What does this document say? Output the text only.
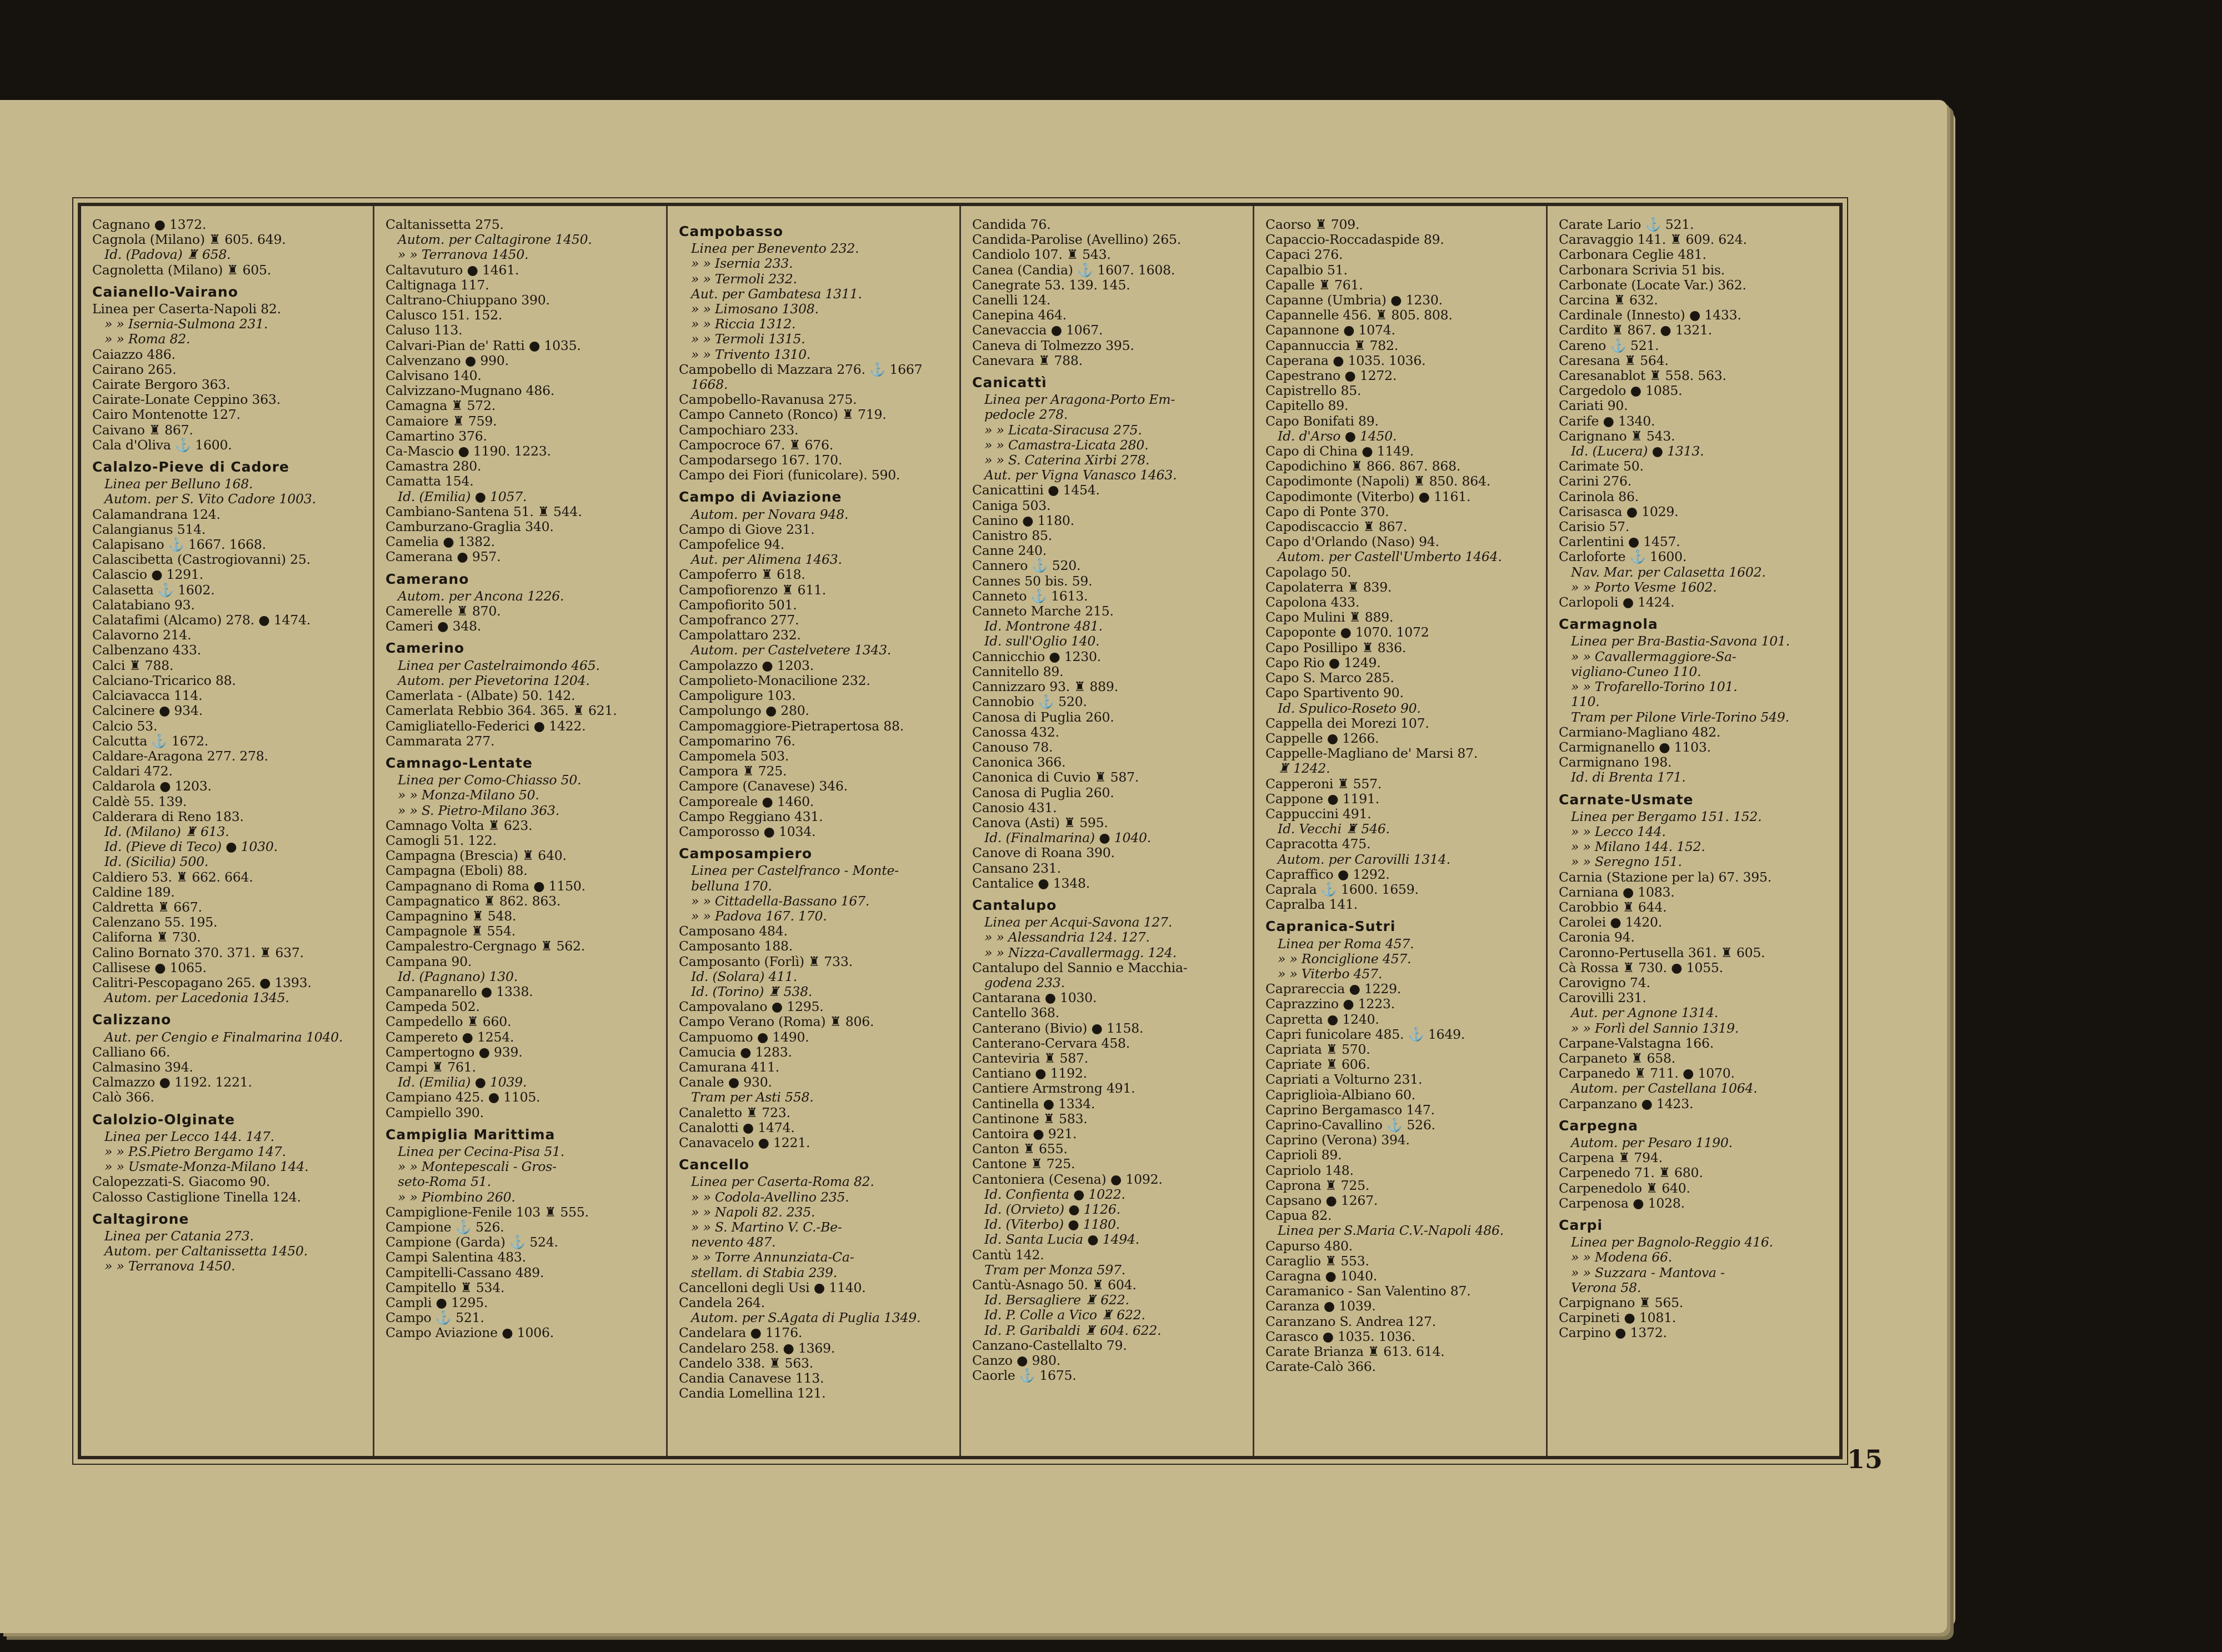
Cagnano ● 1372.
Cagnola (Milano) ♜ 605. 649.
Id. (Padova) ♜ 658.
Cagnoletta (Milano) ♜ 605.
Caianello-Vairano
Linea per Caserta-Napoli 82.
» » Isernia-Sulmona 231.
» » Roma 82.
Caiazzo 486.
Cairano 265.
Cairate Bergoro 363.
Cairate-Lonate Ceppino 363.
Cairo Montenotte 127.
Caivano ♜ 867.
Cala d'Oliva ⚓ 1600.
Calalzo-Pieve di Cadore
Linea per Belluno 168.
Autom. per S. Vito Cadore 1003.
Calamandrana 124.
Calangianus 514.
Calapisano ⚓ 1667. 1668.
Calascibetta (Castrogiovanni) 25.
Calascio ● 1291.
Calasetta ⚓ 1602.
Calatabiano 93.
Calatafimi (Alcamo) 278. ● 1474.
Calavorno 214.
Calbenzano 433.
Calci ♜ 788.
Calciano-Tricarico 88.
Calciavacca 114.
Calcinere ● 934.
Calcio 53.
Calcutta ⚓ 1672.
Caldare-Aragona 277. 278.
Caldari 472.
Caldarola ● 1203.
Caldè 55. 139.
Calderara di Reno 183.
Id. (Milano) ♜ 613.
Id. (Pieve di Teco) ● 1030.
Id. (Sicilia) 500.
Caldiero 53. ♜ 662. 664.
Caldine 189.
Caldretta ♜ 667.
Calenzano 55. 195.
Californa ♜ 730.
Calino Bornato 370. 371. ♜ 637.
Callisese ● 1065.
Calitri-Pescopagano 265. ● 1393.
Autom. per Lacedonia 1345.
Calizzano
Aut. per Cengio e Finalmarina 1040.
Calliano 66.
Calmasino 394.
Calmazzo ● 1192. 1221.
Calò 366.
Calolzio-Olginate
Linea per Lecco 144. 147.
» » P.S.Pietro Bergamo 147.
» » Usmate-Monza-Milano 144.
Calopezzati-S. Giacomo 90.
Calosso Castiglione Tinella 124.
Caltagirone
Linea per Catania 273.
Autom. per Caltanissetta 1450.
» » Terranova 1450.
Caltanissetta 275.
Autom. per Caltagirone 1450.
» » Terranova 1450.
Caltavuturo ● 1461.
Caltignaga 117.
Caltrano-Chiuppano 390.
Calusco 151. 152.
Caluso 113.
Calvari-Pian de' Ratti ● 1035.
Calvenzano ● 990.
Calvisano 140.
Calvizzano-Mugnano 486.
Camagna ♜ 572.
Camaiore ♜ 759.
Camartino 376.
Ca-Mascio ● 1190. 1223.
Camastra 280.
Camatta 154.
Id. (Emilia) ● 1057.
Cambiano-Santena 51. ♜ 544.
Camburzano-Graglia 340.
Camelia ● 1382.
Camerana ● 957.
Camerano
Autom. per Ancona 1226.
Camerelle ♜ 870.
Cameri ● 348.
Camerino
Linea per Castelraimondo 465.
Autom. per Pievetorina 1204.
Camerlata - (Albate) 50. 142.
Camerlata Rebbio 364. 365. ♜ 621.
Camigliatello-Federici ● 1422.
Cammarata 277.
Camnago-Lentate
Linea per Como-Chiasso 50.
» » Monza-Milano 50.
» » S. Pietro-Milano 363.
Camnago Volta ♜ 623.
Camogli 51. 122.
Campagna (Brescia) ♜ 640.
Campagna (Eboli) 88.
Campagnano di Roma ● 1150.
Campagnatico ♜ 862. 863.
Campagnino ♜ 548.
Campagnole ♜ 554.
Campalestro-Cergnago ♜ 562.
Campana 90.
Id. (Pagnano) 130.
Campanarello ● 1338.
Campeda 502.
Campedello ♜ 660.
Campereto ● 1254.
Campertogno ● 939.
Campi ♜ 761.
Id. (Emilia) ● 1039.
Campiano 425. ● 1105.
Campiello 390.
Campiglia Marittima
Linea per Cecina-Pisa 51.
» » Montepescali - Gros-
seto-Roma 51.
» » Piombino 260.
Campiglione-Fenile 103 ♜ 555.
Campione ⚓ 526.
Campione (Garda) ⚓ 524.
Campi Salentina 483.
Campitelli-Cassano 489.
Campitello ♜ 534.
Campli ● 1295.
Campo ⚓ 521.
Campo Aviazione ● 1006.
Campobasso
Linea per Benevento 232.
» » Isernia 233.
» » Termoli 232.
Aut. per Gambatesa 1311.
» » Limosano 1308.
» » Riccia 1312.
» » Termoli 1315.
» » Trivento 1310.
Campobello di Mazzara 276. ⚓ 1667
1668.
Campobello-Ravanusa 275.
Campo Canneto (Ronco) ♜ 719.
Campochiaro 233.
Campocroce 67. ♜ 676.
Campodarsego 167. 170.
Campo dei Fiori (funicolare). 590.
Campo di Aviazione
Autom. per Novara 948.
Campo di Giove 231.
Campofelice 94.
Aut. per Alimena 1463.
Campoferro ♜ 618.
Campofiorenzo ♜ 611.
Campofiorito 501.
Campofranco 277.
Campolattaro 232.
Autom. per Castelvetere 1343.
Campolazzo ● 1203.
Campolieto-Monacilione 232.
Campoligure 103.
Campolungo ● 280.
Campomaggiore-Pietrapertosa 88.
Campomarino 76.
Campomela 503.
Campora ♜ 725.
Campore (Canavese) 346.
Camporeale ● 1460.
Campo Reggiano 431.
Camporosso ● 1034.
Camposampiero
Linea per Castelfranco - Monte-
belluna 170.
» » Cittadella-Bassano 167.
» » Padova 167. 170.
Camposano 484.
Camposanto 188.
Camposanto (Forlì) ♜ 733.
Id. (Solara) 411.
Id. (Torino) ♜ 538.
Campovalano ● 1295.
Campo Verano (Roma) ♜ 806.
Campuomo ● 1490.
Camucia ● 1283.
Camurana 411.
Canale ● 930.
Tram per Asti 558.
Canaletto ♜ 723.
Canalotti ● 1474.
Canavacelo ● 1221.
Cancello
Linea per Caserta-Roma 82.
» » Codola-Avellino 235.
» » Napoli 82. 235.
» » S. Martino V. C.-Be-
nevento 487.
» » Torre Annunziata-Ca-
stellam. di Stabia 239.
Cancelloni degli Usi ● 1140.
Candela 264.
Autom. per S.Agata di Puglia 1349.
Candelara ● 1176.
Candelaro 258. ● 1369.
Candelo 338. ♜ 563.
Candia Canavese 113.
Candia Lomellina 121.
Candida 76.
Candida-Parolise (Avellino) 265.
Candiolo 107. ♜ 543.
Canea (Candia) ⚓ 1607. 1608.
Canegrate 53. 139. 145.
Canelli 124.
Canepina 464.
Canevaccia ● 1067.
Caneva di Tolmezzo 395.
Canevara ♜ 788.
Canicattì
Linea per Aragona-Porto Em-
pedocle 278.
» » Licata-Siracusa 275.
» » Camastra-Licata 280.
» » S. Caterina Xirbi 278.
Aut. per Vigna Vanasco 1463.
Canicattini ● 1454.
Caniga 503.
Canino ● 1180.
Canistro 85.
Canne 240.
Cannero ⚓ 520.
Cannes 50 bis. 59.
Canneto ⚓ 1613.
Canneto Marche 215.
Id. Montrone 481.
Id. sull'Oglio 140.
Cannicchio ● 1230.
Cannitello 89.
Cannizzaro 93. ♜ 889.
Cannobio ⚓ 520.
Canosa di Puglia 260.
Canossa 432.
Canouso 78.
Canonica 366.
Canonica di Cuvio ♜ 587.
Canosa di Puglia 260.
Canosio 431.
Canova (Asti) ♜ 595.
Id. (Finalmarina) ● 1040.
Canove di Roana 390.
Cansano 231.
Cantalice ● 1348.
Cantalupo
Linea per Acqui-Savona 127.
» » Alessandria 124. 127.
» » Nizza-Cavallermagg. 124.
Cantalupo del Sannio e Macchia-
godena 233.
Cantarana ● 1030.
Cantello 368.
Canterano (Bivio) ● 1158.
Canterano-Cervara 458.
Canteviria ♜ 587.
Cantiano ● 1192.
Cantiere Armstrong 491.
Cantinella ● 1334.
Cantinone ♜ 583.
Cantoira ● 921.
Canton ♜ 655.
Cantone ♜ 725.
Cantoniera (Cesena) ● 1092.
Id. Confienta ● 1022.
Id. (Orvieto) ● 1126.
Id. (Viterbo) ● 1180.
Id. Santa Lucia ● 1494.
Cantù 142.
Tram per Monza 597.
Cantù-Asnago 50. ♜ 604.
Id. Bersagliere ♜ 622.
Id. P. Colle a Vico ♜ 622.
Id. P. Garibaldi ♜ 604. 622.
Canzano-Castellalto 79.
Canzo ● 980.
Caorle ⚓ 1675.
Caorso ♜ 709.
Capaccio-Roccadaspide 89.
Capaci 276.
Capalbio 51.
Capalle ♜ 761.
Capanne (Umbria) ● 1230.
Capannelle 456. ♜ 805. 808.
Capannone ● 1074.
Capannuccia ♜ 782.
Caperana ● 1035. 1036.
Capestrano ● 1272.
Capistrello 85.
Capitello 89.
Capo Bonifati 89.
Id. d'Arso ● 1450.
Capo di China ● 1149.
Capodichino ♜ 866. 867. 868.
Capodimonte (Napoli) ♜ 850. 864.
Capodimonte (Viterbo) ● 1161.
Capo di Ponte 370.
Capodiscaccio ♜ 867.
Capo d'Orlando (Naso) 94.
Autom. per Castell'Umberto 1464.
Capolago 50.
Capolaterra ♜ 839.
Capolona 433.
Capo Mulini ♜ 889.
Capoponte ● 1070. 1072
Capo Posillipo ♜ 836.
Capo Rio ● 1249.
Capo S. Marco 285.
Capo Spartivento 90.
Id. Spulico-Roseto 90.
Cappella dei Morezi 107.
Cappelle ● 1266.
Cappelle-Magliano de' Marsi 87.
♜ 1242.
Capperoni ♜ 557.
Cappone ● 1191.
Cappuccini 491.
Id. Vecchi ♜ 546.
Capracotta 475.
Autom. per Carovilli 1314.
Capraffico ● 1292.
Caprala ⚓ 1600. 1659.
Capralba 141.
Capranica-Sutri
Linea per Roma 457.
» » Ronciglione 457.
» » Viterbo 457.
Caprareccia ● 1229.
Caprazzino ● 1223.
Capretta ● 1240.
Capri funicolare 485. ⚓ 1649.
Capriata ♜ 570.
Capriate ♜ 606.
Capriati a Volturno 231.
Capriglioìa-Albiano 60.
Caprino Bergamasco 147.
Caprino-Cavallino ⚓ 526.
Caprino (Verona) 394.
Caprioli 89.
Capriolo 148.
Caprona ♜ 725.
Capsano ● 1267.
Capua 82.
Linea per S.Maria C.V.-Napoli 486.
Capurso 480.
Caraglio ♜ 553.
Caragna ● 1040.
Caramanico - San Valentino 87.
Caranza ● 1039.
Caranzano S. Andrea 127.
Carasco ● 1035. 1036.
Carate Brianza ♜ 613. 614.
Carate-Calò 366.
Carate Lario ⚓ 521.
Caravaggio 141. ♜ 609. 624.
Carbonara Ceglie 481.
Carbonara Scrivia 51 bis.
Carbonate (Locate Var.) 362.
Carcina ♜ 632.
Cardinale (Innesto) ● 1433.
Cardito ♜ 867. ● 1321.
Careno ⚓ 521.
Caresana ♜ 564.
Caresanablot ♜ 558. 563.
Cargedolo ● 1085.
Cariati 90.
Carife ● 1340.
Carignano ♜ 543.
Id. (Lucera) ● 1313.
Carimate 50.
Carini 276.
Carinola 86.
Carisasca ● 1029.
Carisio 57.
Carlentini ● 1457.
Carloforte ⚓ 1600.
Nav. Mar. per Calasetta 1602.
» » Porto Vesme 1602.
Carlopoli ● 1424.
Carmagnola
Linea per Bra-Bastia-Savona 101.
» » Cavallermaggiore-Sa-
vigliano-Cuneo 110.
» » Trofarello-Torino 101.
110.
Tram per Pilone Virle-Torino 549.
Carmiano-Magliano 482.
Carmignanello ● 1103.
Carmignano 198.
Id. di Brenta 171.
Carnate-Usmate
Linea per Bergamo 151. 152.
» » Lecco 144.
» » Milano 144. 152.
» » Seregno 151.
Carnia (Stazione per la) 67. 395.
Carniana ● 1083.
Carobbio ♜ 644.
Carolei ● 1420.
Caronia 94.
Caronno-Pertusella 361. ♜ 605.
Cà Rossa ♜ 730. ● 1055.
Carovigno 74.
Carovilli 231.
Aut. per Agnone 1314.
» » Forlì del Sannio 1319.
Carpane-Valstagna 166.
Carpaneto ♜ 658.
Carpanedo ♜ 711. ● 1070.
Autom. per Castellana 1064.
Carpanzano ● 1423.
Carpegna
Autom. per Pesaro 1190.
Carpena ♜ 794.
Carpenedo 71. ♜ 680.
Carpenedolo ♜ 640.
Carpenosa ● 1028.
Carpi
Linea per Bagnolo-Reggio 416.
» » Modena 66.
» » Suzzara - Mantova -
Verona 58.
Carpignano ♜ 565.
Carpineti ● 1081.
Carpino ● 1372.
15
